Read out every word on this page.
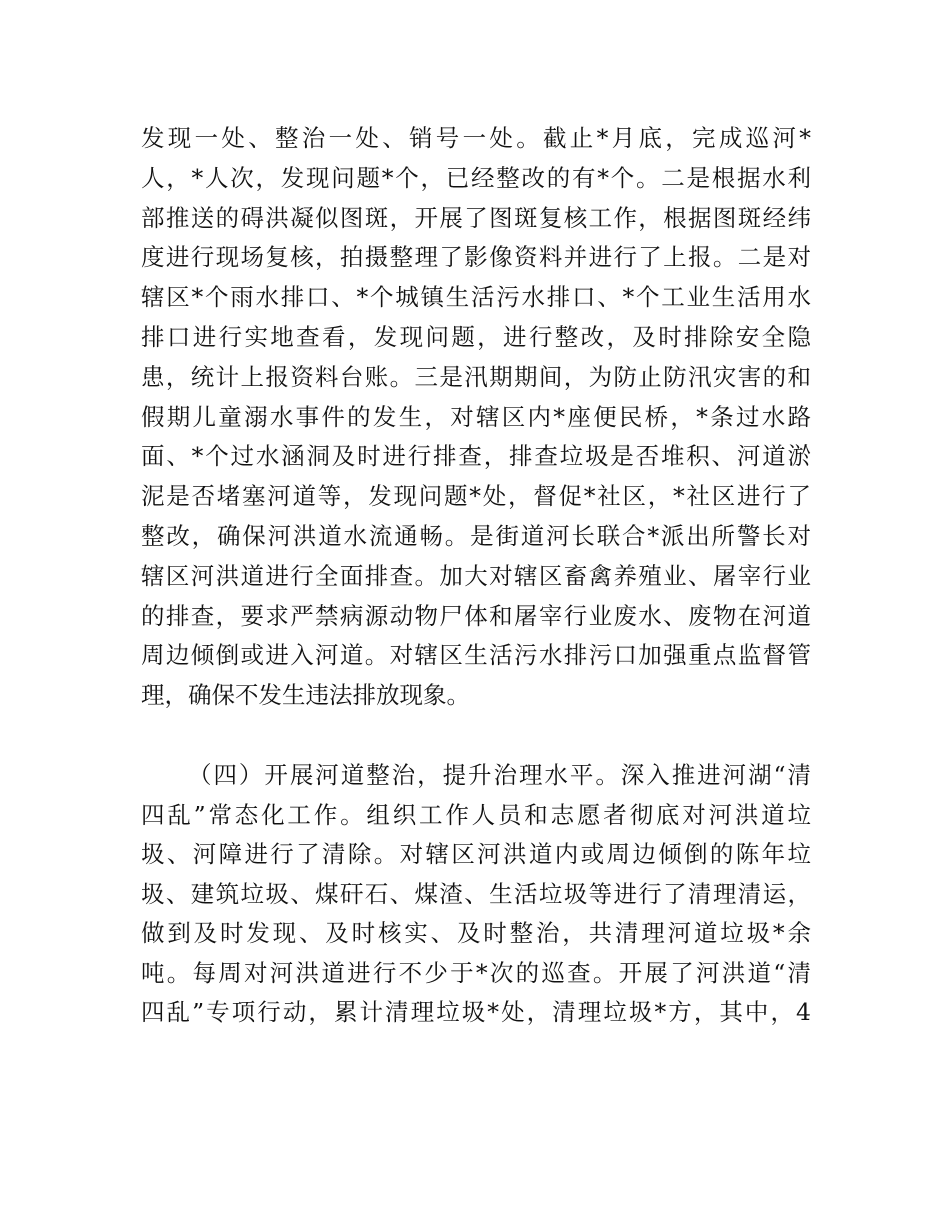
发现一处、整治一处、销号一处。截止*月底，完成巡河*
人，*人次，发现问题*个，已经整改的有*个。二是根据水利
部推送的碍洪凝似图斑，开展了图斑复核工作，根据图斑经纬
度进行现场复核，拍摄整理了影像资料并进行了上报。二是对
辖区*个雨水排口、*个城镇生活污水排口、*个工业生活用水
排口进行实地查看，发现问题，进行整改，及时排除安全隐
患，统计上报资料台账。三是汛期期间，为防止防汛灾害的和
假期儿童溺水事件的发生，对辖区内*座便民桥，*条过水路
面、*个过水涵洞及时进行排查，排查垃圾是否堆积、河道淤
泥是否堵塞河道等，发现问题*处，督促*社区，*社区进行了
整改，确保河洪道水流通畅。是街道河长联合*派出所警长对
辖区河洪道进行全面排查。加大对辖区畜禽养殖业、屠宰行业
的排查，要求严禁病源动物尸体和屠宰行业废水、废物在河道
周边倾倒或进入河道。对辖区生活污水排污口加强重点监督管
理，确保不发生违法排放现象。
（四）开展河道整治，提升治理水平。深入推进河湖“清
四乱”常态化工作。组织工作人员和志愿者彻底对河洪道垃
圾、河障进行了清除。对辖区河洪道内或周边倾倒的陈年垃
圾、建筑垃圾、煤矸石、煤渣、生活垃圾等进行了清理清运，
做到及时发现、及时核实、及时整治，共清理河道垃圾*余
吨。每周对河洪道进行不少于*次的巡查。开展了河洪道“清
四乱”专项行动，累计清理垃圾*处，清理垃圾*方，其中，4
